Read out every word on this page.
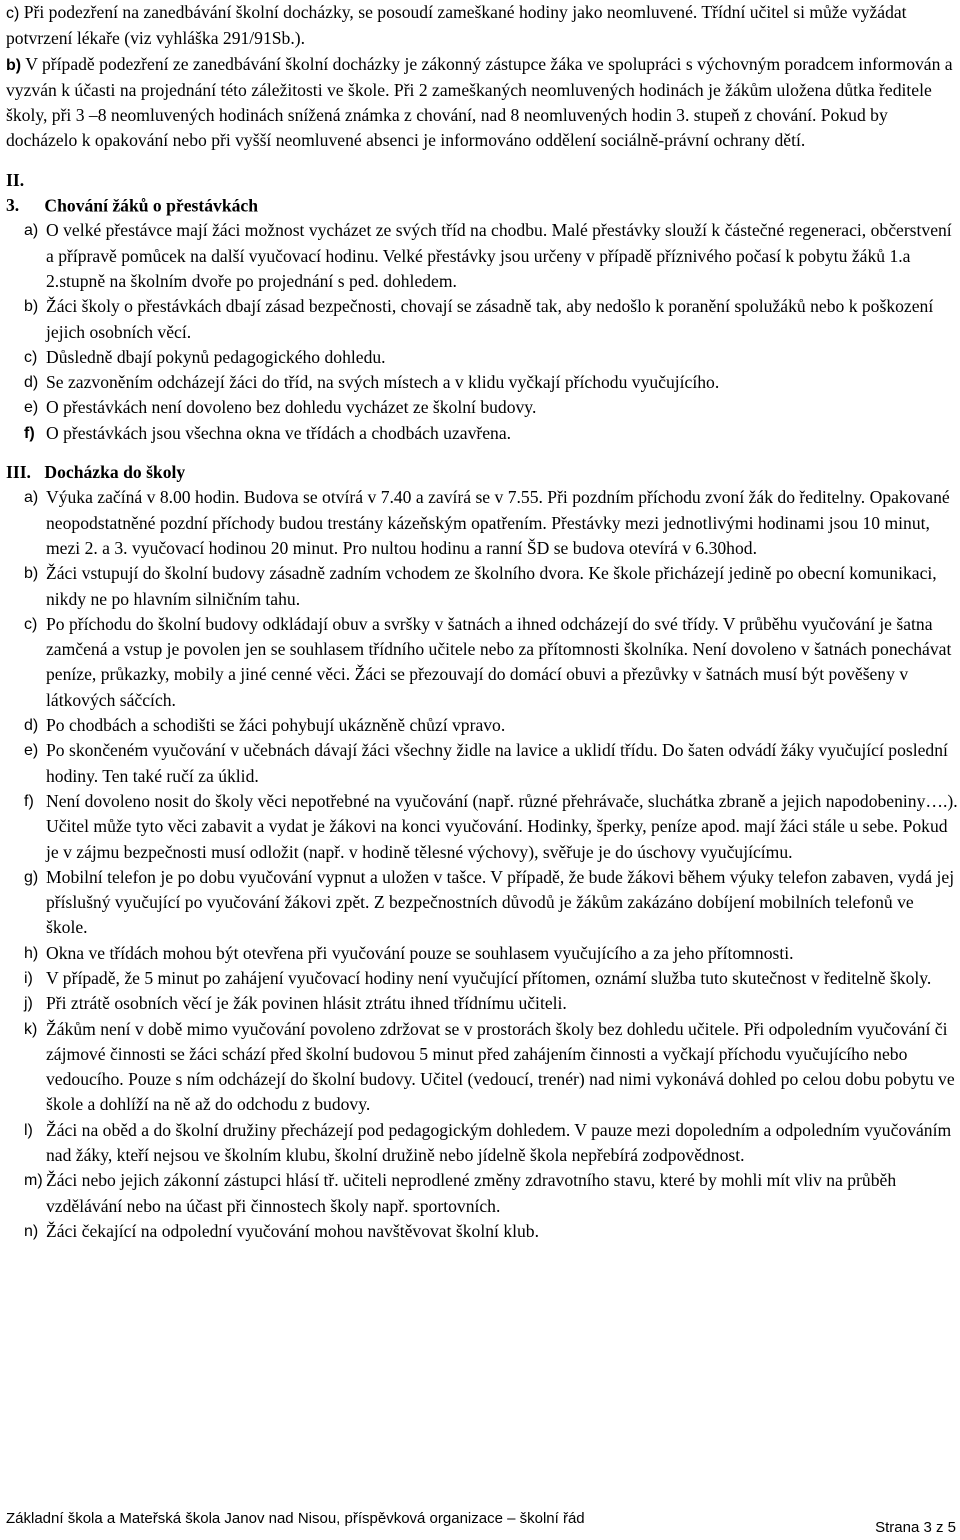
c) Při podezření na zanedbávání školní docházky, se posoudí zameškané hodiny jako neomluvené. Třídní učitel si může vyžádat potvrzení lékaře (viz vyhláška 291/91Sb.).

b) V případě podezření ze zanedbávání školní docházky je zákonný zástupce žáka ve spolupráci s výchovným poradcem informován a vyzván k účasti na projednání této záležitosti ve škole. Při 2 zameškaných neomluvených hodinách je žákům uložena důtka ředitele školy, při 3 –8 neomluvených hodinách snížená známka z chování, nad 8 neomluvených hodin 3. stupeň z chování. Pokud by docházelo k opakování nebo při vyšší neomluvené absenci je informováno oddělení sociálně-právní ochrany dětí.

II. 3. Chování žáků o přestávkách

a) O velké přestávce mají žáci možnost vycházet ze svých tříd na chodbu. Malé přestávky slouží k částečné regeneraci, občerstvení a přípravě pomůcek na další vyučovací hodinu. Velké přestávky jsou určeny v případě příznivého počasí k pobytu žáků 1.a 2.stupně na školním dvoře po projednání s ped. dohledem.
b) Žáci školy o přestávkách dbají zásad bezpečnosti, chovají se zásadně tak, aby nedošlo k poranění spolužáků nebo k poškození jejich osobních věcí.
c) Důsledně dbají pokynů pedagogického dohledu.
d) Se zazvoněním odcházejí žáci do tříd, na svých místech a v klidu vyčkají příchodu vyučujícího.
e) O přestávkách není dovoleno bez dohledu vycházet ze školní budovy.
f) O přestávkách jsou všechna okna ve třídách a chodbách uzavřena.

III. Docházka do školy

a) Výuka začíná v 8.00 hodin. Budova se otvírá v 7.40 a zavírá se v 7.55. Při pozdním příchodu zvoní žák do ředitelny. Opakované neopodstatněné pozdní příchody budou trestány kázeňským opatřením. Přestávky mezi jednotlivými hodinami jsou 10 minut, mezi 2. a 3. vyučovací hodinou 20 minut. Pro nultou hodinu a ranní ŠD se budova otevírá v 6.30hod.
b) Žáci vstupují do školní budovy zásadně zadním vchodem ze školního dvora. Ke škole přicházejí jedině po obecní komunikaci, nikdy ne po hlavním silničním tahu.
c) Po příchodu do školní budovy odkládají obuv a svršky v šatnách a ihned odcházejí do své třídy. V průběhu vyučování je šatna zamčená a vstup je povolen jen se souhlasem třídního učitele nebo za přítomnosti školníka. Není dovoleno v šatnách ponechávat peníze, průkazky, mobily a jiné cenné věci. Žáci se přezouvají do domácí obuvi a přezůvky v šatnách musí být pověšeny v látkových sáčcích.
d) Po chodbách a schodišti se žáci pohybují ukázněně chůzí vpravo.
e) Po skončeném vyučování v učebnách dávají žáci všechny židle na lavice a uklidí třídu. Do šaten odvádí žáky vyučující poslední hodiny. Ten také ručí za úklid.
f) Není dovoleno nosit do školy věci nepotřebné na vyučování (např. různé přehrávače, sluchátka zbraně a jejich napodobeniny….). Učitel může tyto věci zabavit a vydat je žákovi na konci vyučování. Hodinky, šperky, peníze apod. mají žáci stále u sebe. Pokud je v zájmu bezpečnosti musí odložit (např. v hodině tělesné výchovy), svěřuje je do úschovy vyučujícímu.
g) Mobilní telefon je po dobu vyučování vypnut a uložen v tašce. V případě, že bude žákovi během výuky telefon zabaven, vydá jej příslušný vyučující po vyučování žákovi zpět. Z bezpečnostních důvodů je žákům zakázáno dobíjení mobilních telefonů ve škole.
h) Okna ve třídách mohou být otevřena při vyučování pouze se souhlasem vyučujícího a za jeho přítomnosti.
i) V případě, že 5 minut po zahájení vyučovací hodiny není vyučující přítomen, oznámí služba tuto skutečnost v ředitelně školy.
j) Při ztrátě osobních věcí je žák povinen hlásit ztrátu ihned třídnímu učiteli.
k) Žákům není v době mimo vyučování povoleno zdržovat se v prostorách školy bez dohledu učitele. Při odpoledním vyučování či zájmové činnosti se žáci schází před školní budovou 5 minut před zahájením činnosti a vyčkají příchodu vyučujícího nebo vedoucího. Pouze s ním odcházejí do školní budovy. Učitel (vedoucí, trenér) nad nimi vykonává dohled po celou dobu pobytu ve škole a dohlíží na ně až do odchodu z budovy.
l) Žáci na oběd a do školní družiny přecházejí pod pedagogickým dohledem. V pauze mezi dopoledním a odpoledním vyučováním nad žáky, kteří nejsou ve školním klubu, školní družině nebo jídelně škola nepřebírá zodpovědnost.
m) Žáci nebo jejich zákonní zástupci hlásí tř. učiteli neprodlené změny zdravotního stavu, které by mohli mít vliv na průběh vzdělávání nebo na účast při činnostech školy např. sportovních.
n) Žáci čekající na odpolední vyučování mohou navštěvovat školní klub.
Základní škola a Mateřská škola Janov nad Nisou, příspěvková organizace – školní řád
Strana 3 z 5
